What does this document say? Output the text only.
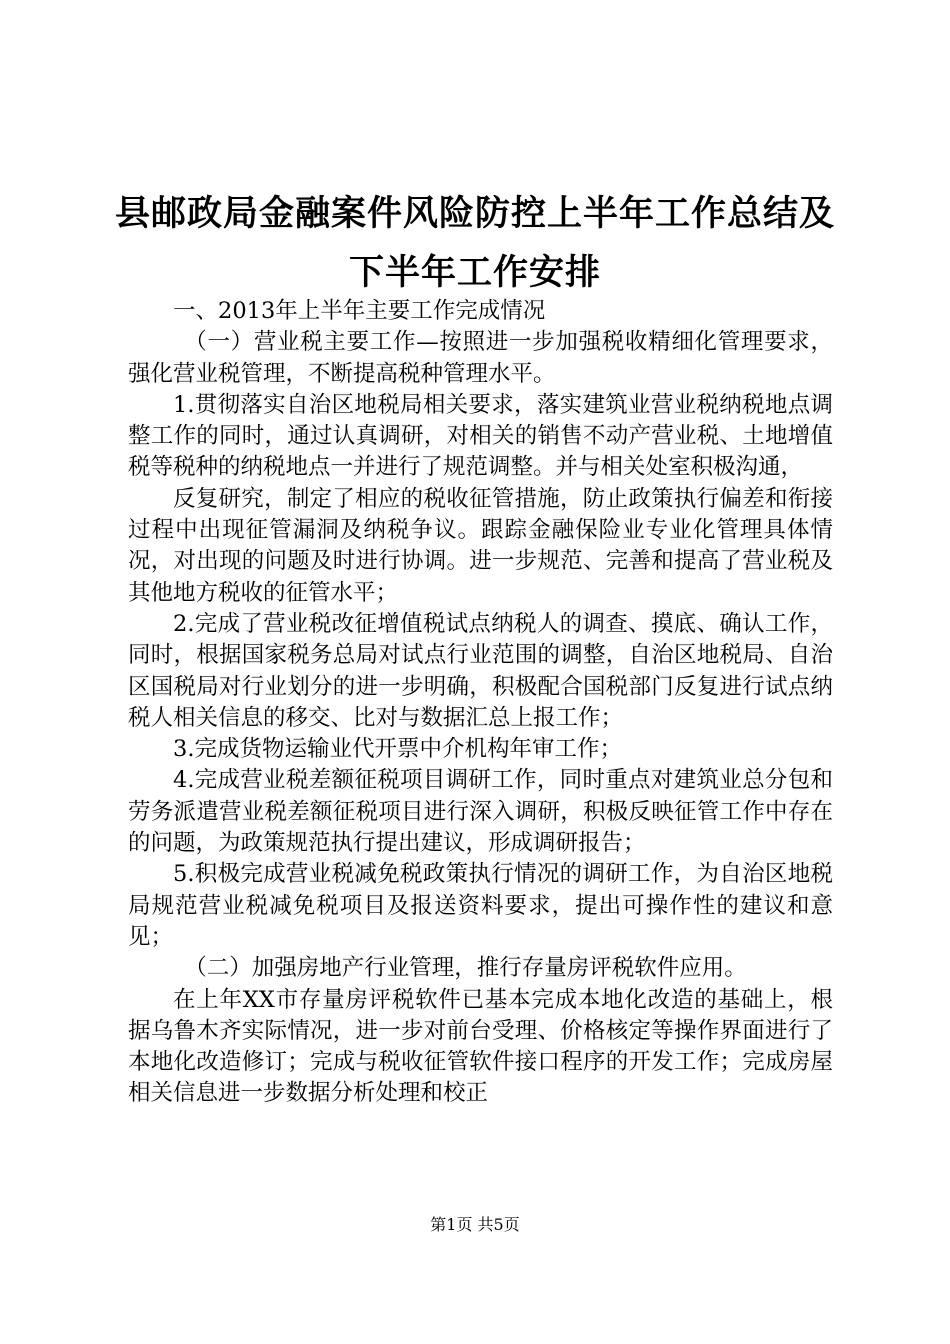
县邮政局金融案件风险防控上半年工作总结及
下半年工作安排

一、2013年上半年主要工作完成情况

（一）营业税主要工作—按照进一步加强税收精细化管理要求，强化营业税管理，不断提高税种管理水平。

1.贯彻落实自治区地税局相关要求，落实建筑业营业税纳税地点调整工作的同时，通过认真调研，对相关的销售不动产营业税、土地增值税等税种的纳税地点一并进行了规范调整。并与相关处室积极沟通，

反复研究，制定了相应的税收征管措施，防止政策执行偏差和衔接过程中出现征管漏洞及纳税争议。跟踪金融保险业专业化管理具体情况，对出现的问题及时进行协调。进一步规范、完善和提高了营业税及其他地方税收的征管水平；

2.完成了营业税改征增值税试点纳税人的调查、摸底、确认工作，同时，根据国家税务总局对试点行业范围的调整，自治区地税局、自治区国税局对行业划分的进一步明确，积极配合国税部门反复进行试点纳税人相关信息的移交、比对与数据汇总上报工作；

3.完成货物运输业代开票中介机构年审工作；

4.完成营业税差额征税项目调研工作，同时重点对建筑业总分包和劳务派遣营业税差额征税项目进行深入调研，积极反映征管工作中存在的问题，为政策规范执行提出建议，形成调研报告；

5.积极完成营业税减免税政策执行情况的调研工作，为自治区地税局规范营业税减免税项目及报送资料要求，提出可操作性的建议和意见；

（二）加强房地产行业管理，推行存量房评税软件应用。

在上年XX市存量房评税软件已基本完成本地化改造的基础上，根据乌鲁木齐实际情况，进一步对前台受理、价格核定等操作界面进行了本地化改造修订；完成与税收征管软件接口程序的开发工作；完成房屋相关信息进一步数据分析处理和校正

第1页 共5页
